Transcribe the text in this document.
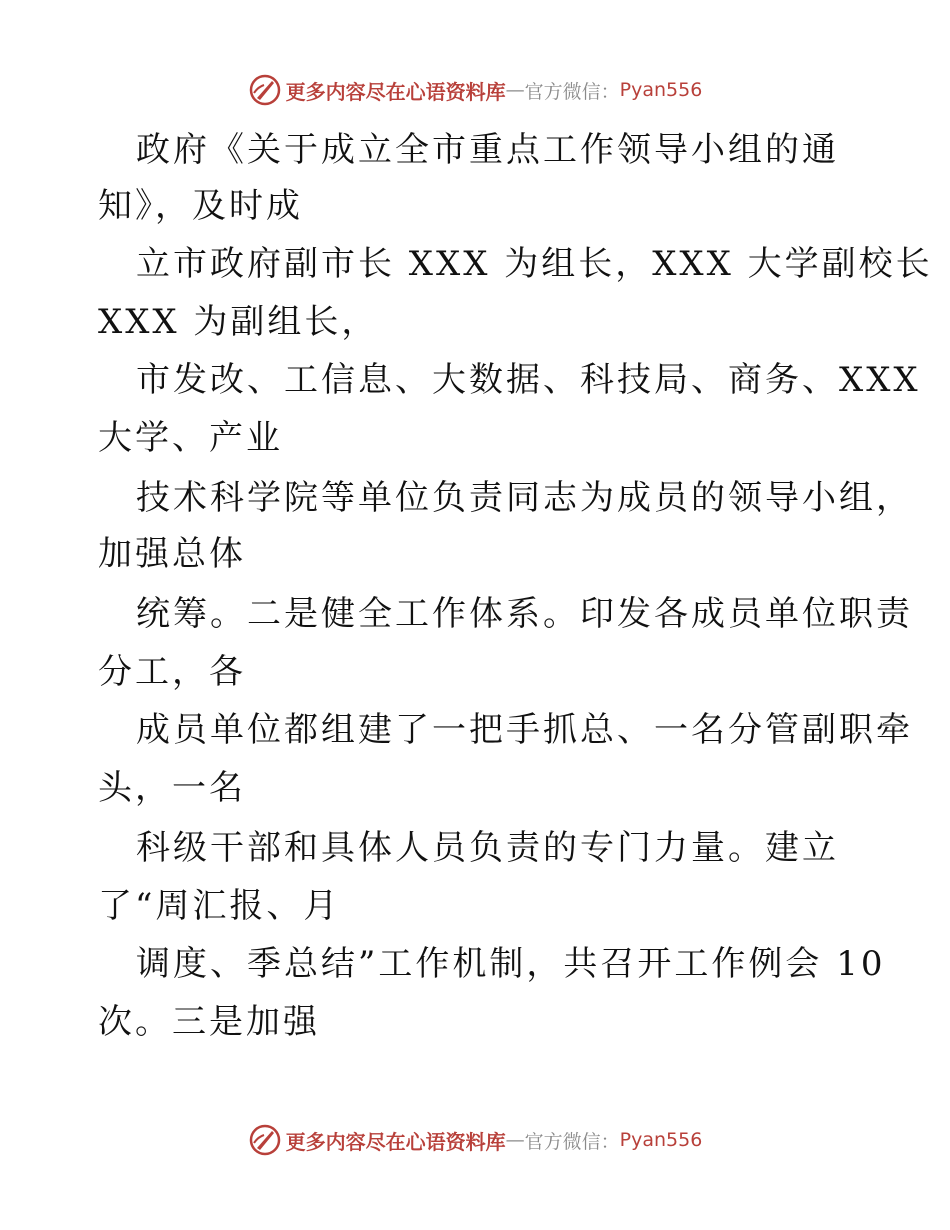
更多内容尽在心语资料库 — 官方微信： Pyan556
政府《关于成立全市重点工作领导小组的通
知》，及时成
立市政府副市长 XXX 为组长，XXX 大学副校长
XXX 为副组长，
市发改、工信息、大数据、科技局、商务、XXX
大学、产业
技术科学院等单位负责同志为成员的领导小组，
加强总体
统筹。二是健全工作体系。印发各成员单位职责
分工，各
成员单位都组建了一把手抓总、一名分管副职牵
头，一名
科级干部和具体人员负责的专门力量。建立
了“周汇报、月
调度、季总结”工作机制，共召开工作例会 10
次。三是加强
更多内容尽在心语资料库 — 官方微信： Pyan556
